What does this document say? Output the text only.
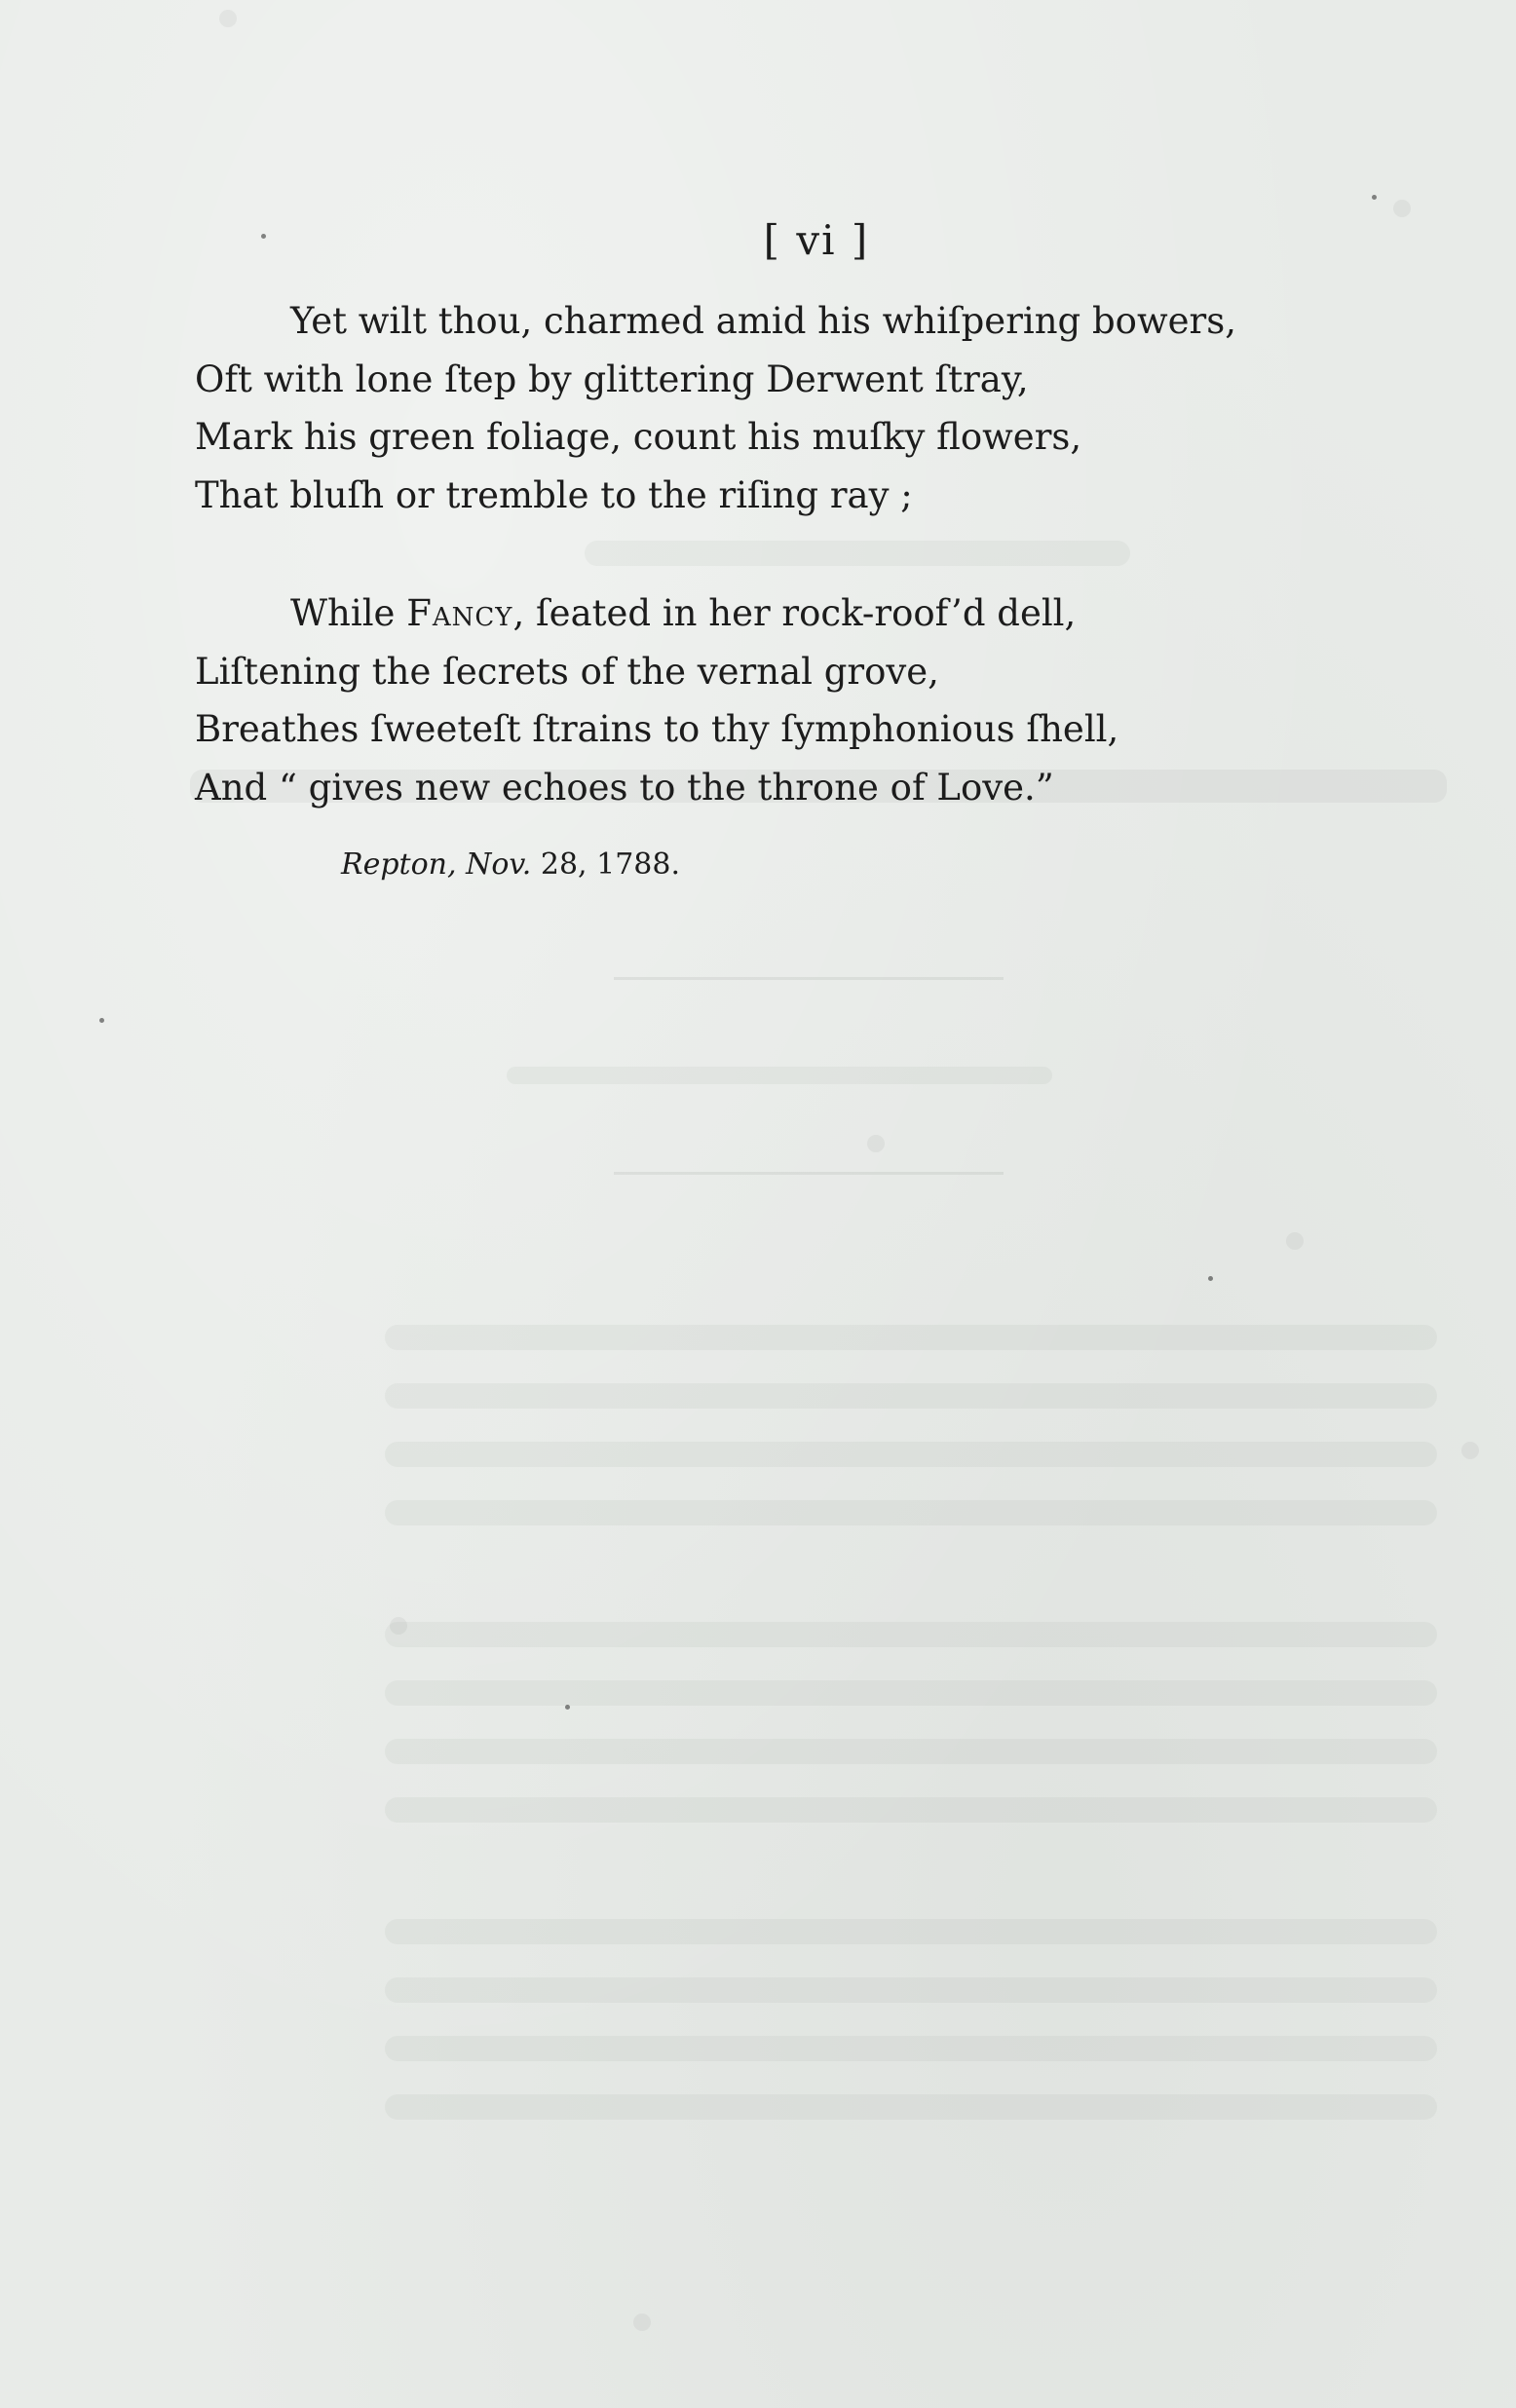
[ vi ]
Yet wilt thou, charmed amid his whiſpering bowers,
Oft with lone ſtep by glittering Derwent ſtray,
Mark his green foliage, count his muſky flowers,
That bluſh or tremble to the riſing ray ;
While Fancy, ſeated in her rock-roof’d dell,
Liſtening the ſecrets of the vernal grove,
Breathes ſweeteſt ſtrains to thy ſymphonious ſhell,
And “ gives new echoes to the throne of Love.”
Repton, Nov. 28, 1788.
